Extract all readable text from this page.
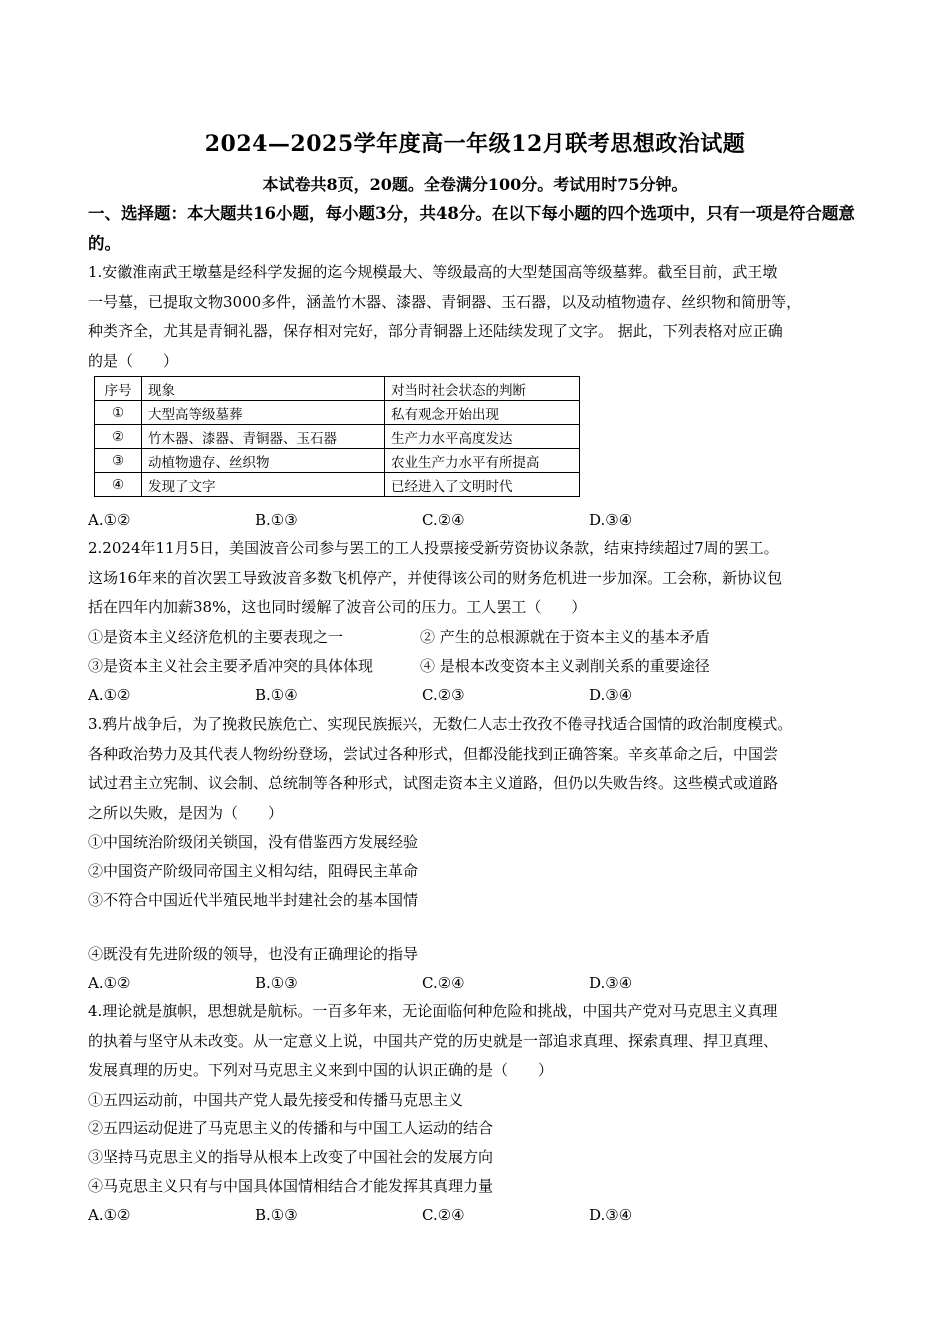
2024—2025学年度高一年级12月联考思想政治试题
本试卷共8页，20题。全卷满分100分。考试用时75分钟。
一、选择题：本大题共16小题，每小题3分，共48分。在以下每小题的四个选项中，只有一项是符合题意的。
1.安徽淮南武王墩墓是经科学发掘的迄今规模最大、等级最高的大型楚国高等级墓葬。截至目前，武王墩
一号墓，已提取文物3000多件，涵盖竹木器、漆器、青铜器、玉石器，以及动植物遗存、丝织物和简册等，
种类齐全，尤其是青铜礼器，保存相对完好，部分青铜器上还陆续发现了文字。 据此，下列表格对应正确
的是（　　）
序号	现象	对当时社会状态的判断
①	大型高等级墓葬	私有观念开始出现
②	竹木器、漆器、青铜器、玉石器	生产力水平高度发达
③	动植物遗存、丝织物	农业生产力水平有所提高
④	发现了文字	已经进入了文明时代
A.①②	B.①③	C.②④	D.③④
2.2024年11月5日，美国波音公司参与罢工的工人投票接受新劳资协议条款，结束持续超过7周的罢工。
这场16年来的首次罢工导致波音多数飞机停产，并使得该公司的财务危机进一步加深。工会称，新协议包
括在四年内加薪38%，这也同时缓解了波音公司的压力。工人罢工（　　）
①是资本主义经济危机的主要表现之一	② 产生的总根源就在于资本主义的基本矛盾
③是资本主义社会主要矛盾冲突的具体体现	④ 是根本改变资本主义剥削关系的重要途径
A.①②	B.①④	C.②③	D.③④
3.鸦片战争后，为了挽救民族危亡、实现民族振兴，无数仁人志士孜孜不倦寻找适合国情的政治制度模式。
各种政治势力及其代表人物纷纷登场，尝试过各种形式，但都没能找到正确答案。辛亥革命之后，中国尝
试过君主立宪制、议会制、总统制等各种形式，试图走资本主义道路，但仍以失败告终。这些模式或道路
之所以失败，是因为（　　）
①中国统治阶级闭关锁国，没有借鉴西方发展经验
②中国资产阶级同帝国主义相勾结，阻碍民主革命
③不符合中国近代半殖民地半封建社会的基本国情
④既没有先进阶级的领导，也没有正确理论的指导
A.①②	B.①③	C.②④	D.③④
4.理论就是旗帜，思想就是航标。一百多年来，无论面临何种危险和挑战，中国共产党对马克思主义真理
的执着与坚守从未改变。从一定意义上说，中国共产党的历史就是一部追求真理、探索真理、捍卫真理、
发展真理的历史。下列对马克思主义来到中国的认识正确的是（　　）
①五四运动前，中国共产党人最先接受和传播马克思主义
②五四运动促进了马克思主义的传播和与中国工人运动的结合
③坚持马克思主义的指导从根本上改变了中国社会的发展方向
④马克思主义只有与中国具体国情相结合才能发挥其真理力量
A.①②	B.①③	C.②④	D.③④
